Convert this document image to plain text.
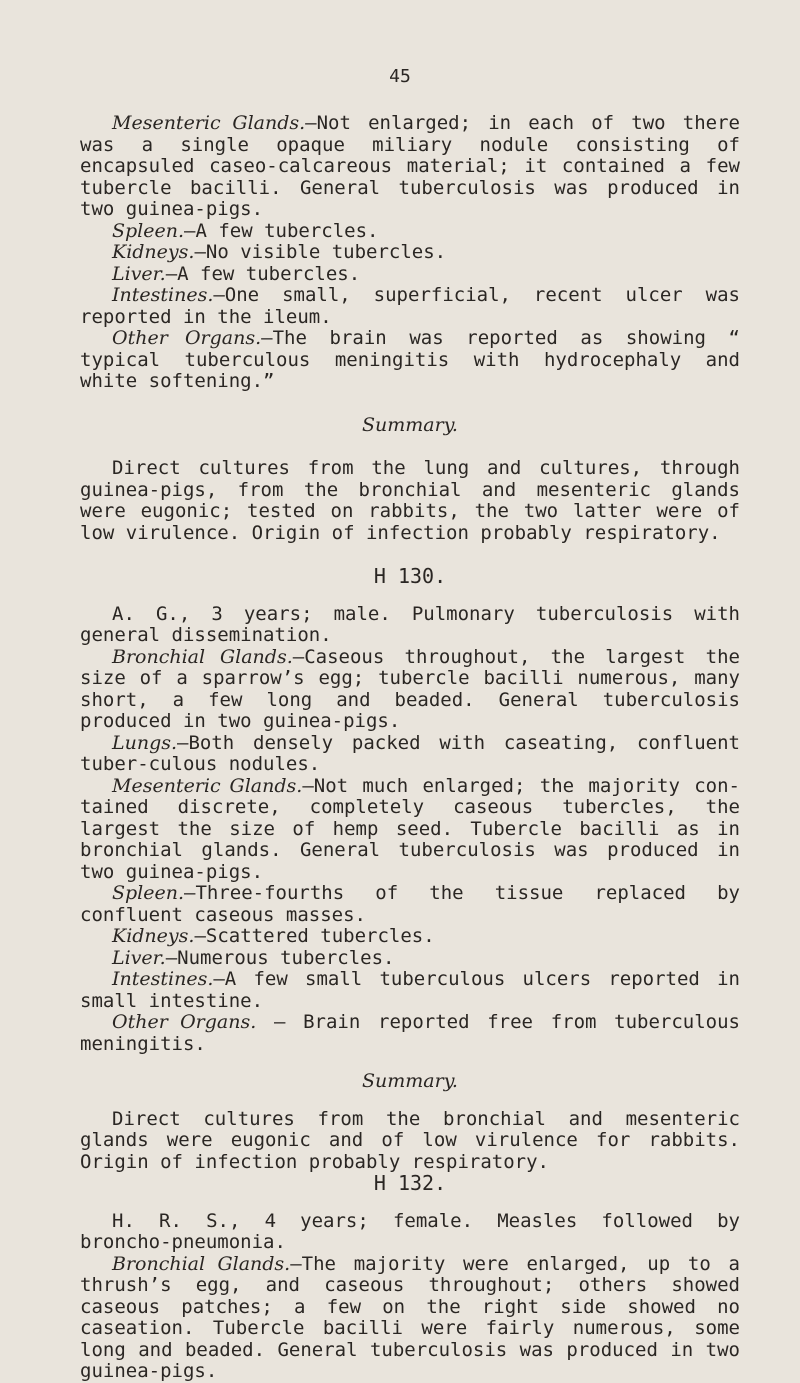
45

Mesenteric Glands.—Not enlarged; in each of two there was a single opaque miliary nodule consisting of encapsuled caseo-calcareous material; it contained a few tubercle bacilli. General tuberculosis was produced in two guinea-pigs.

Spleen.—A few tubercles.

Kidneys.—No visible tubercles.

Liver.—A few tubercles.

Intestines.—One small, superficial, recent ulcer was reported in the ileum.

Other Organs.—The brain was reported as showing “ typical tuberculous meningitis with hydrocephaly and white softening.”

Summary.

Direct cultures from the lung and cultures, through guinea-pigs, from the bronchial and mesenteric glands were eugonic; tested on rabbits, the two latter were of low virulence. Origin of infection probably respiratory.

H 130.

A. G., 3 years; male. Pulmonary tuberculosis with general dissemination.

Bronchial Glands.—Caseous throughout, the largest the size of a sparrow’s egg; tubercle bacilli numerous, many short, a few long and beaded. General tuberculosis produced in two guinea-pigs.

Lungs.—Both densely packed with caseating, confluent tuber-culous nodules.

Mesenteric Glands.—Not much enlarged; the majority con-tained discrete, completely caseous tubercles, the largest the size of hemp seed. Tubercle bacilli as in bronchial glands. General tuberculosis was produced in two guinea-pigs.

Spleen.—Three-fourths of the tissue replaced by confluent caseous masses.

Kidneys.—Scattered tubercles.

Liver.—Numerous tubercles.

Intestines.—A few small tuberculous ulcers reported in small intestine.

Other Organs. — Brain reported free from tuberculous meningitis.

Summary.

Direct cultures from the bronchial and mesenteric glands were eugonic and of low virulence for rabbits. Origin of infection probably respiratory.

H 132.

H. R. S., 4 years; female. Measles followed by broncho-pneumonia.

Bronchial Glands.—The majority were enlarged, up to a thrush’s egg, and caseous throughout; others showed caseous patches; a few on the right side showed no caseation. Tubercle bacilli were fairly numerous, some long and beaded. General tuberculosis was produced in two guinea-pigs.
